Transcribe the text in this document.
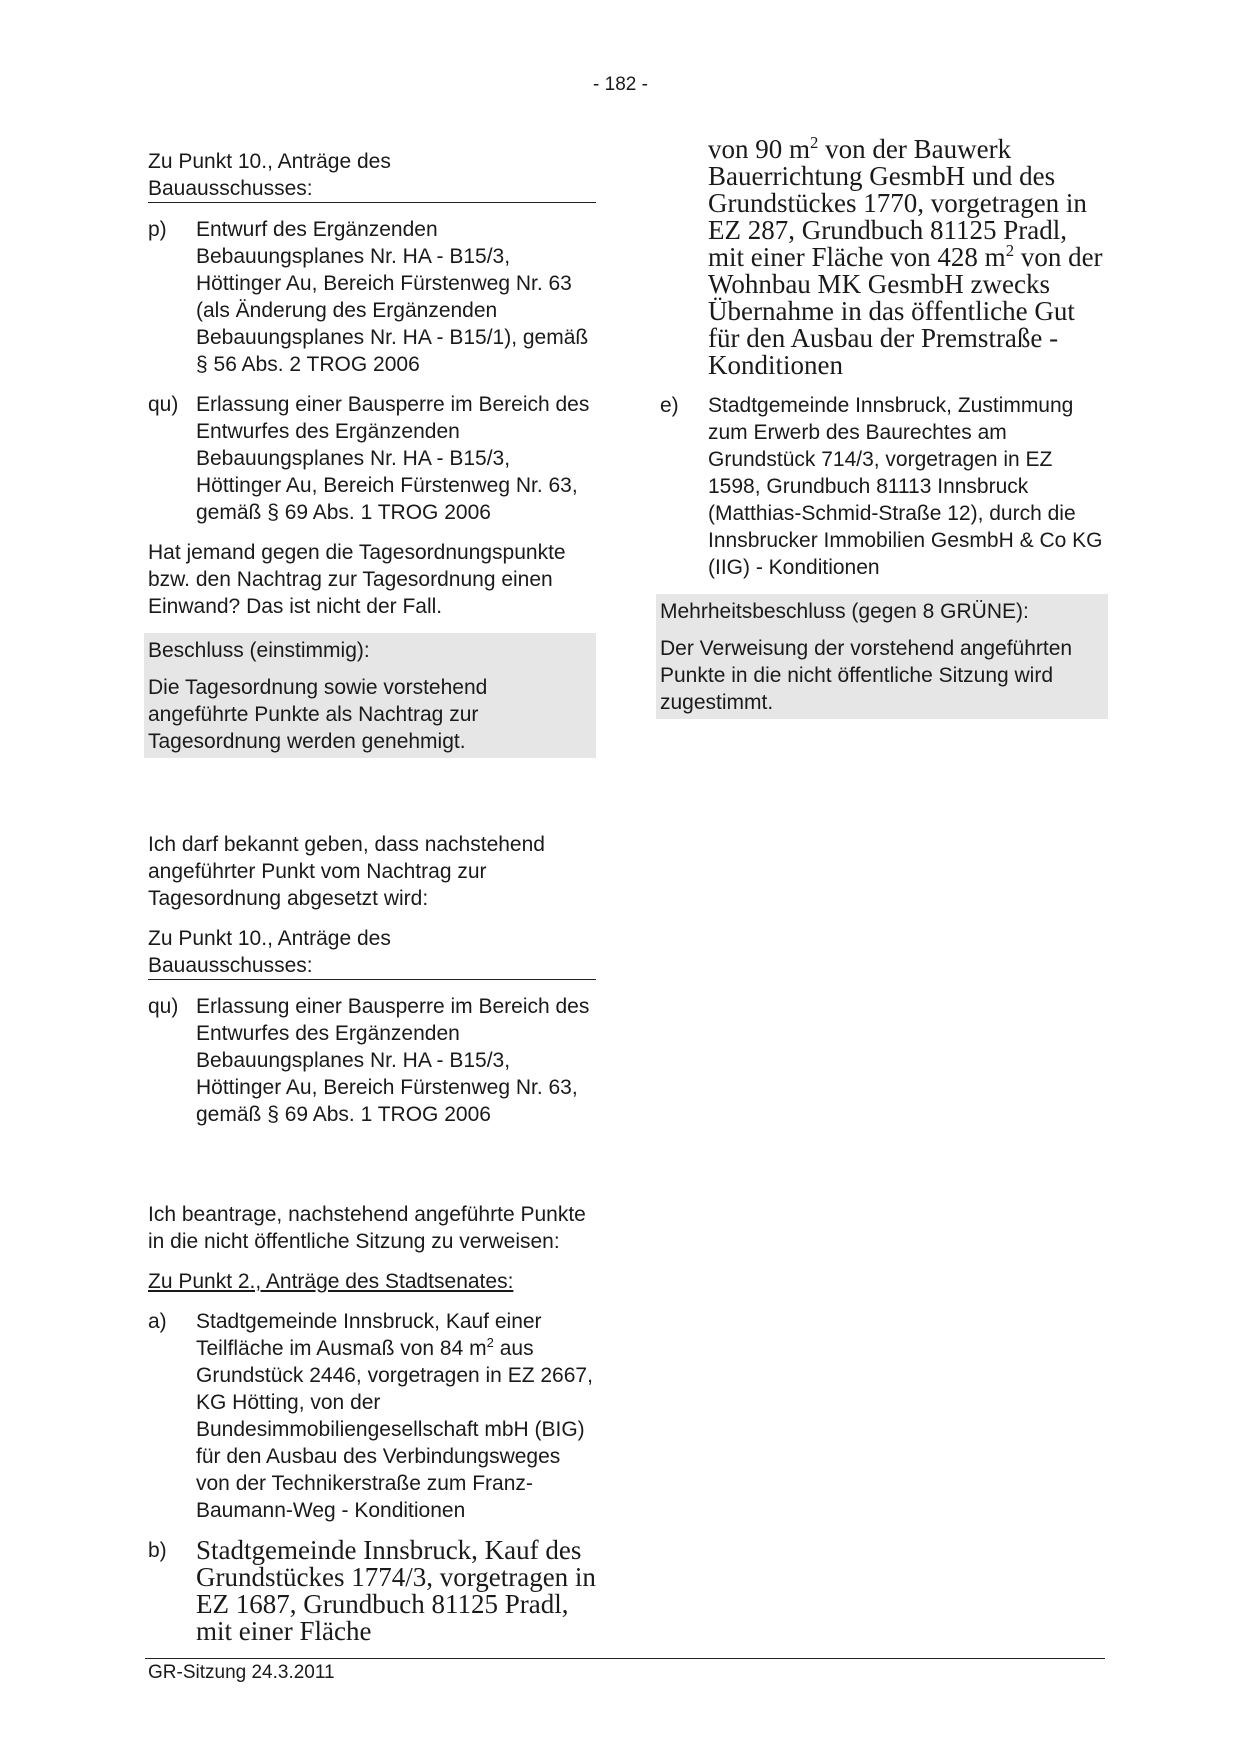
- 182 -

Zu Punkt 10., Anträge des Bauausschusses:

p)	Entwurf des Ergänzenden Bebauungsplanes Nr. HA - B15/3, Höttinger Au, Bereich Fürstenweg Nr. 63 (als Änderung des Ergänzenden Bebauungsplanes Nr. HA - B15/1), gemäß § 56 Abs. 2 TROG 2006
qu) Erlassung einer Bausperre im Bereich des Entwurfes des Ergänzenden Bebauungsplanes Nr. HA - B15/3, Höttinger Au, Bereich Fürstenweg Nr. 63, gemäß § 69 Abs. 1 TROG 2006

Hat jemand gegen die Tagesordnungspunkte bzw. den Nachtrag zur Tagesordnung einen Einwand? Das ist nicht der Fall.

Beschluss (einstimmig):
Die Tagesordnung sowie vorstehend angeführte Punkte als Nachtrag zur Tagesordnung werden genehmigt.

Ich darf bekannt geben, dass nachstehend angeführter Punkt vom Nachtrag zur Tagesordnung abgesetzt wird:

Zu Punkt 10., Anträge des Bauausschusses:

qu) Erlassung einer Bausperre im Bereich des Entwurfes des Ergänzenden Bebauungsplanes Nr. HA - B15/3, Höttinger Au, Bereich Fürstenweg Nr. 63, gemäß § 69 Abs. 1 TROG 2006

Ich beantrage, nachstehend angeführte Punkte in die nicht öffentliche Sitzung zu verweisen:

Zu Punkt 2., Anträge des Stadtsenates:

a)	Stadtgemeinde Innsbruck, Kauf einer Teilfläche im Ausmaß von 84 $m^2$ aus Grundstück 2446, vorgetragen in EZ 2667, KG Hötting, von der Bundesimmobiliengesellschaft mbH (BIG) für den Ausbau des Verbindungsweges von der Technikerstraße zum Franz-Baumann-Weg - Konditionen
b)	Stadtgemeinde Innsbruck, Kauf des Grundstückes 1774/3, vorgetragen in EZ 1687, Grundbuch 81125 Pradl, mit einer Fläche
von 90 $m^2$ von der Bauwerk Bauerrichtung GesmbH und des Grundstückes 1770, vorgetragen in EZ 287, Grundbuch 81125 Pradl, mit einer Fläche von 428 $m^2$ von der Wohnbau MK GesmbH zwecks Übernahme in das öffentliche Gut für den Ausbau der Premstraße - Konditionen
e)	Stadtgemeinde Innsbruck, Zustimmung zum Erwerb des Baurechtes am Grundstück 714/3, vorgetragen in EZ 1598, Grundbuch 81113 Innsbruck (Matthias-Schmid-Straße 12), durch die Innsbrucker Immobilien GesmbH & Co KG (IIG) - Konditionen
Mehrheitsbeschluss (gegen 8 GRÜNE):
Der Verweisung der vorstehend angeführten Punkte in die nicht öffentliche Sitzung wird zugestimmt.
GR-Sitzung 24.3.2011
